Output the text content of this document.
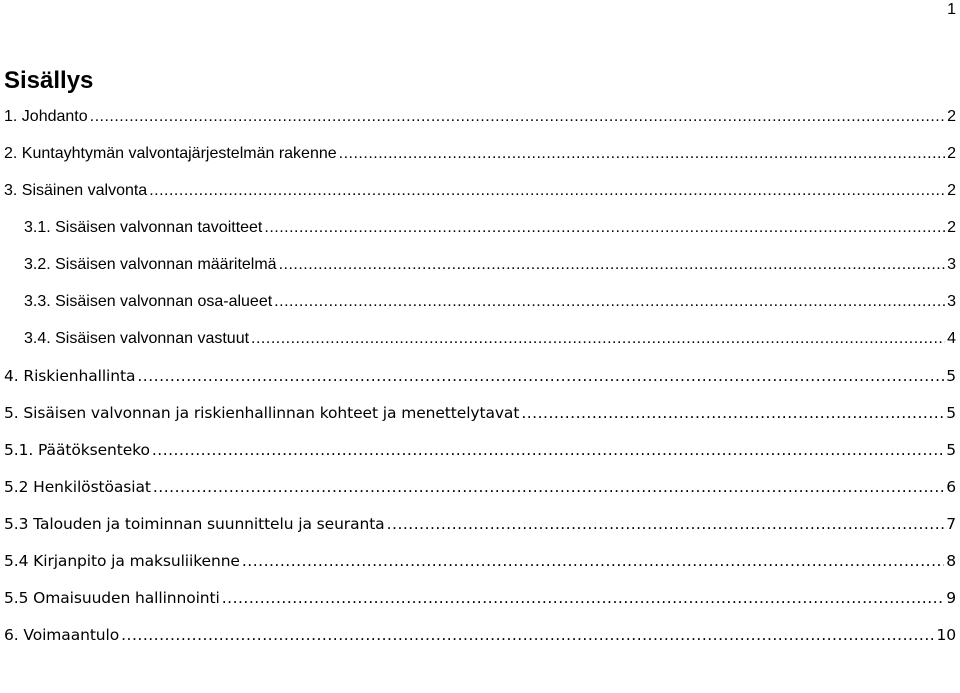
1
Sisällys
1. Johdanto .....	2
2. Kuntayhtymän valvontajärjestelmän rakenne .....	2
3. Sisäinen valvonta .....	2
3.1. Sisäisen valvonnan tavoitteet .....	2
3.2. Sisäisen valvonnan määritelmä .....	3
3.3. Sisäisen valvonnan osa-alueet .....	3
3.4. Sisäisen valvonnan vastuut .....	4
4. Riskienhallinta .....	5
5. Sisäisen valvonnan ja riskienhallinnan kohteet ja menettelytavat .....	5
5.1. Päätöksenteko .....	5
5.2 Henkilöstöasiat .....	6
5.3 Talouden ja toiminnan suunnittelu ja seuranta .....	7
5.4 Kirjanpito ja maksuliikenne .....	8
5.5 Omaisuuden hallinnointi .....	9
6. Voimaantulo .....	10
